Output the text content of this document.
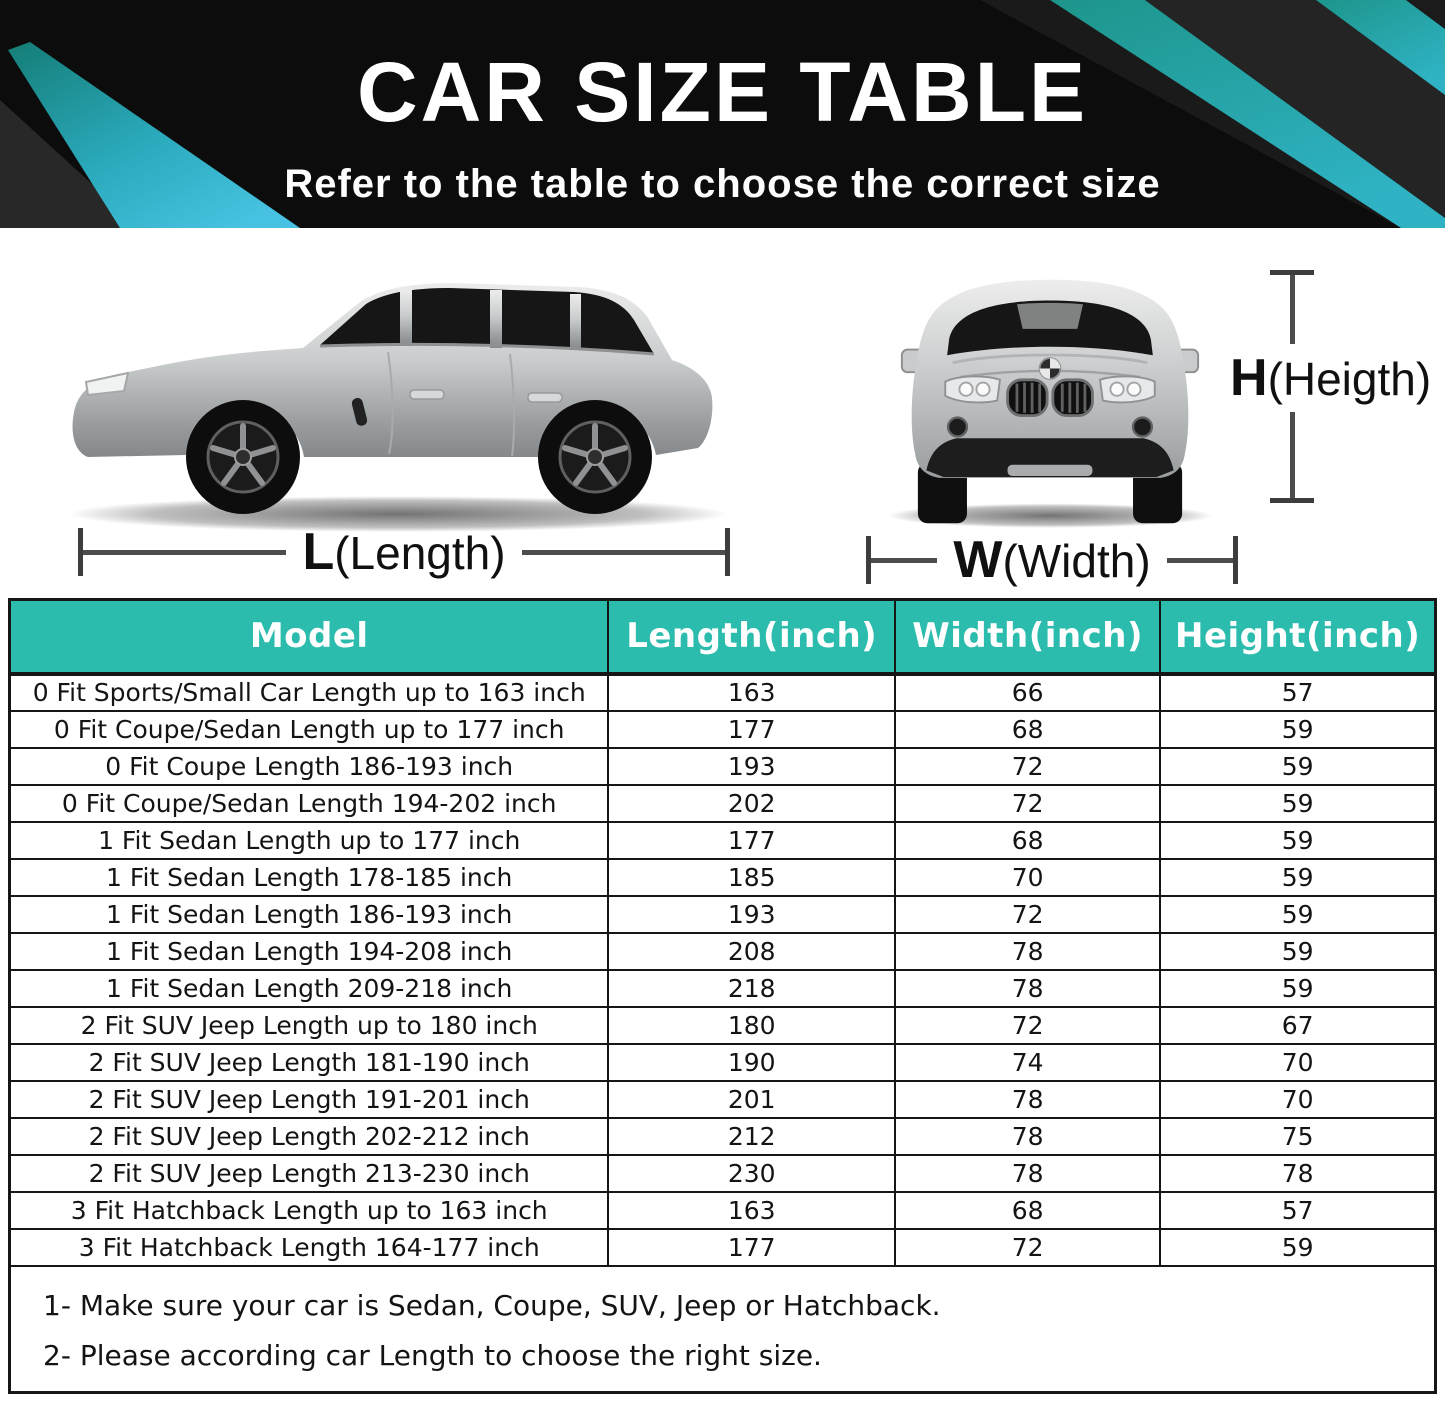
CAR SIZE TABLE
Refer to the table to choose the correct size
L(Length)	W(Width)
H(Heigth)
Model	Length(inch)	Width(inch)	Height(inch)
0 Fit Sports/Small Car Length up to 163 inch	163	66	57
0 Fit Coupe/Sedan Length up to 177 inch	177	68	59
0 Fit Coupe Length 186-193 inch	193	72	59
0 Fit Coupe/Sedan Length 194-202 inch	202	72	59
1 Fit Sedan Length up to 177 inch	177	68	59
1 Fit Sedan Length 178-185 inch	185	70	59
1 Fit Sedan Length 186-193 inch	193	72	59
1 Fit Sedan Length 194-208 inch	208	78	59
1 Fit Sedan Length 209-218 inch	218	78	59
2 Fit SUV Jeep Length up to 180 inch	180	72	67
2 Fit SUV Jeep Length 181-190 inch	190	74	70
2 Fit SUV Jeep Length 191-201 inch	201	78	70
2 Fit SUV Jeep Length 202-212 inch	212	78	75
2 Fit SUV Jeep Length 213-230 inch	230	78	78
3 Fit Hatchback Length up to 163 inch	163	68	57
3 Fit Hatchback Length 164-177 inch	177	72	59

1- Make sure your car is Sedan, Coupe, SUV, Jeep or Hatchback.
2- Please according car Length to choose the right size.			
